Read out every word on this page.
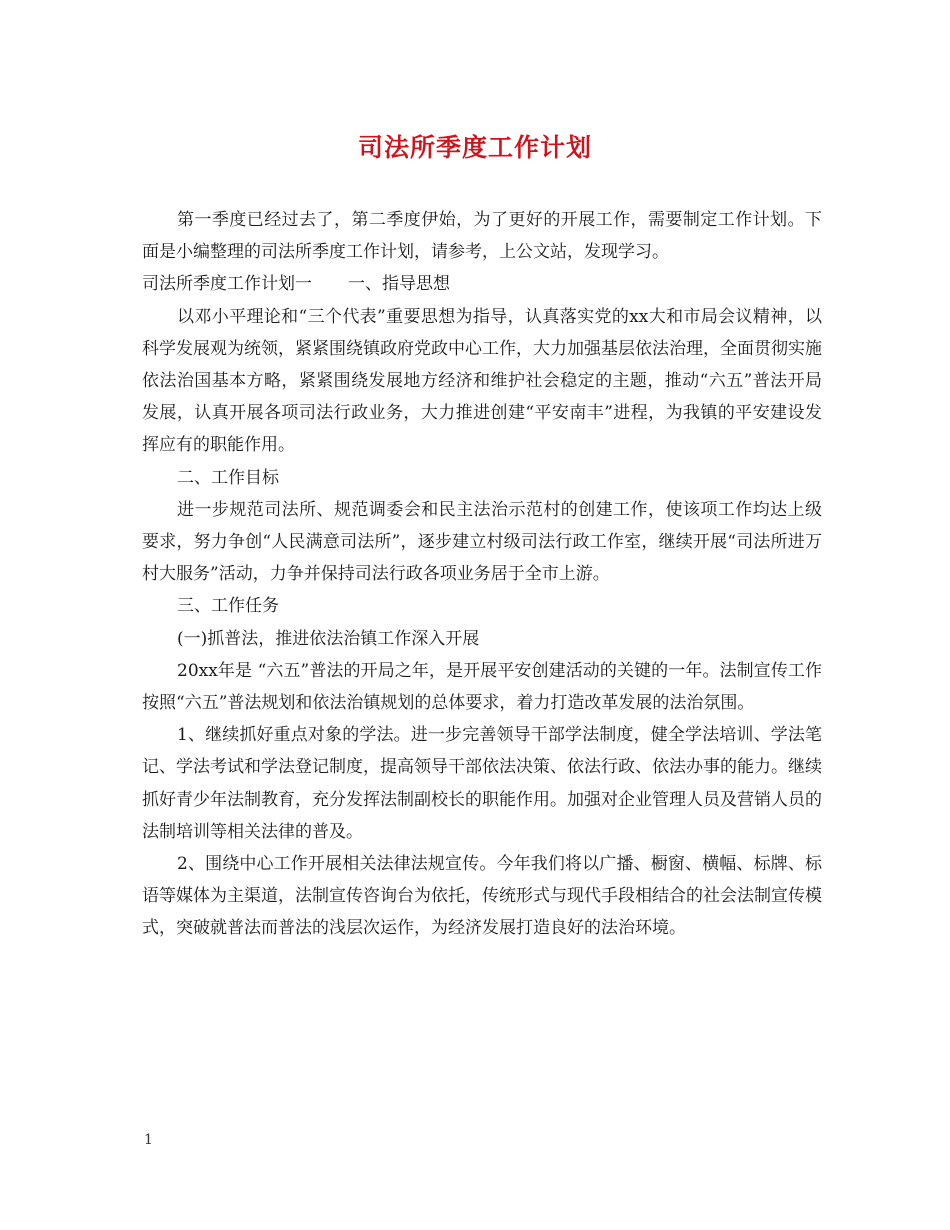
司法所季度工作计划

第一季度已经过去了，第二季度伊始，为了更好的开展工作，需要制定工作计划。下面是小编整理的司法所季度工作计划，请参考，上公文站，发现学习。

司法所季度工作计划一 一、指导思想

以邓小平理论和“三个代表”重要思想为指导，认真落实党的xx大和市局会议精神，以科学发展观为统领，紧紧围绕镇政府党政中心工作，大力加强基层依法治理，全面贯彻实施依法治国基本方略，紧紧围绕发展地方经济和维护社会稳定的主题，推动“六五”普法开局发展，认真开展各项司法行政业务，大力推进创建“平安南丰”进程，为我镇的平安建设发挥应有的职能作用。

二、工作目标

进一步规范司法所、规范调委会和民主法治示范村的创建工作，使该项工作均达上级要求，努力争创“人民满意司法所”，逐步建立村级司法行政工作室，继续开展“司法所进万村大服务”活动，力争并保持司法行政各项业务居于全市上游。

三、工作任务

(一)抓普法，推进依法治镇工作深入开展

20xx年是 “六五”普法的开局之年，是开展平安创建活动的关键的一年。法制宣传工作按照“六五”普法规划和依法治镇规划的总体要求，着力打造改革发展的法治氛围。

1、继续抓好重点对象的学法。进一步完善领导干部学法制度，健全学法培训、学法笔记、学法考试和学法登记制度，提高领导干部依法决策、依法行政、依法办事的能力。继续抓好青少年法制教育，充分发挥法制副校长的职能作用。加强对企业管理人员及营销人员的法制培训等相关法律的普及。

2、围绕中心工作开展相关法律法规宣传。今年我们将以广播、橱窗、横幅、标牌、标语等媒体为主渠道，法制宣传咨询台为依托，传统形式与现代手段相结合的社会法制宣传模式，突破就普法而普法的浅层次运作，为经济发展打造良好的法治环境。

1
